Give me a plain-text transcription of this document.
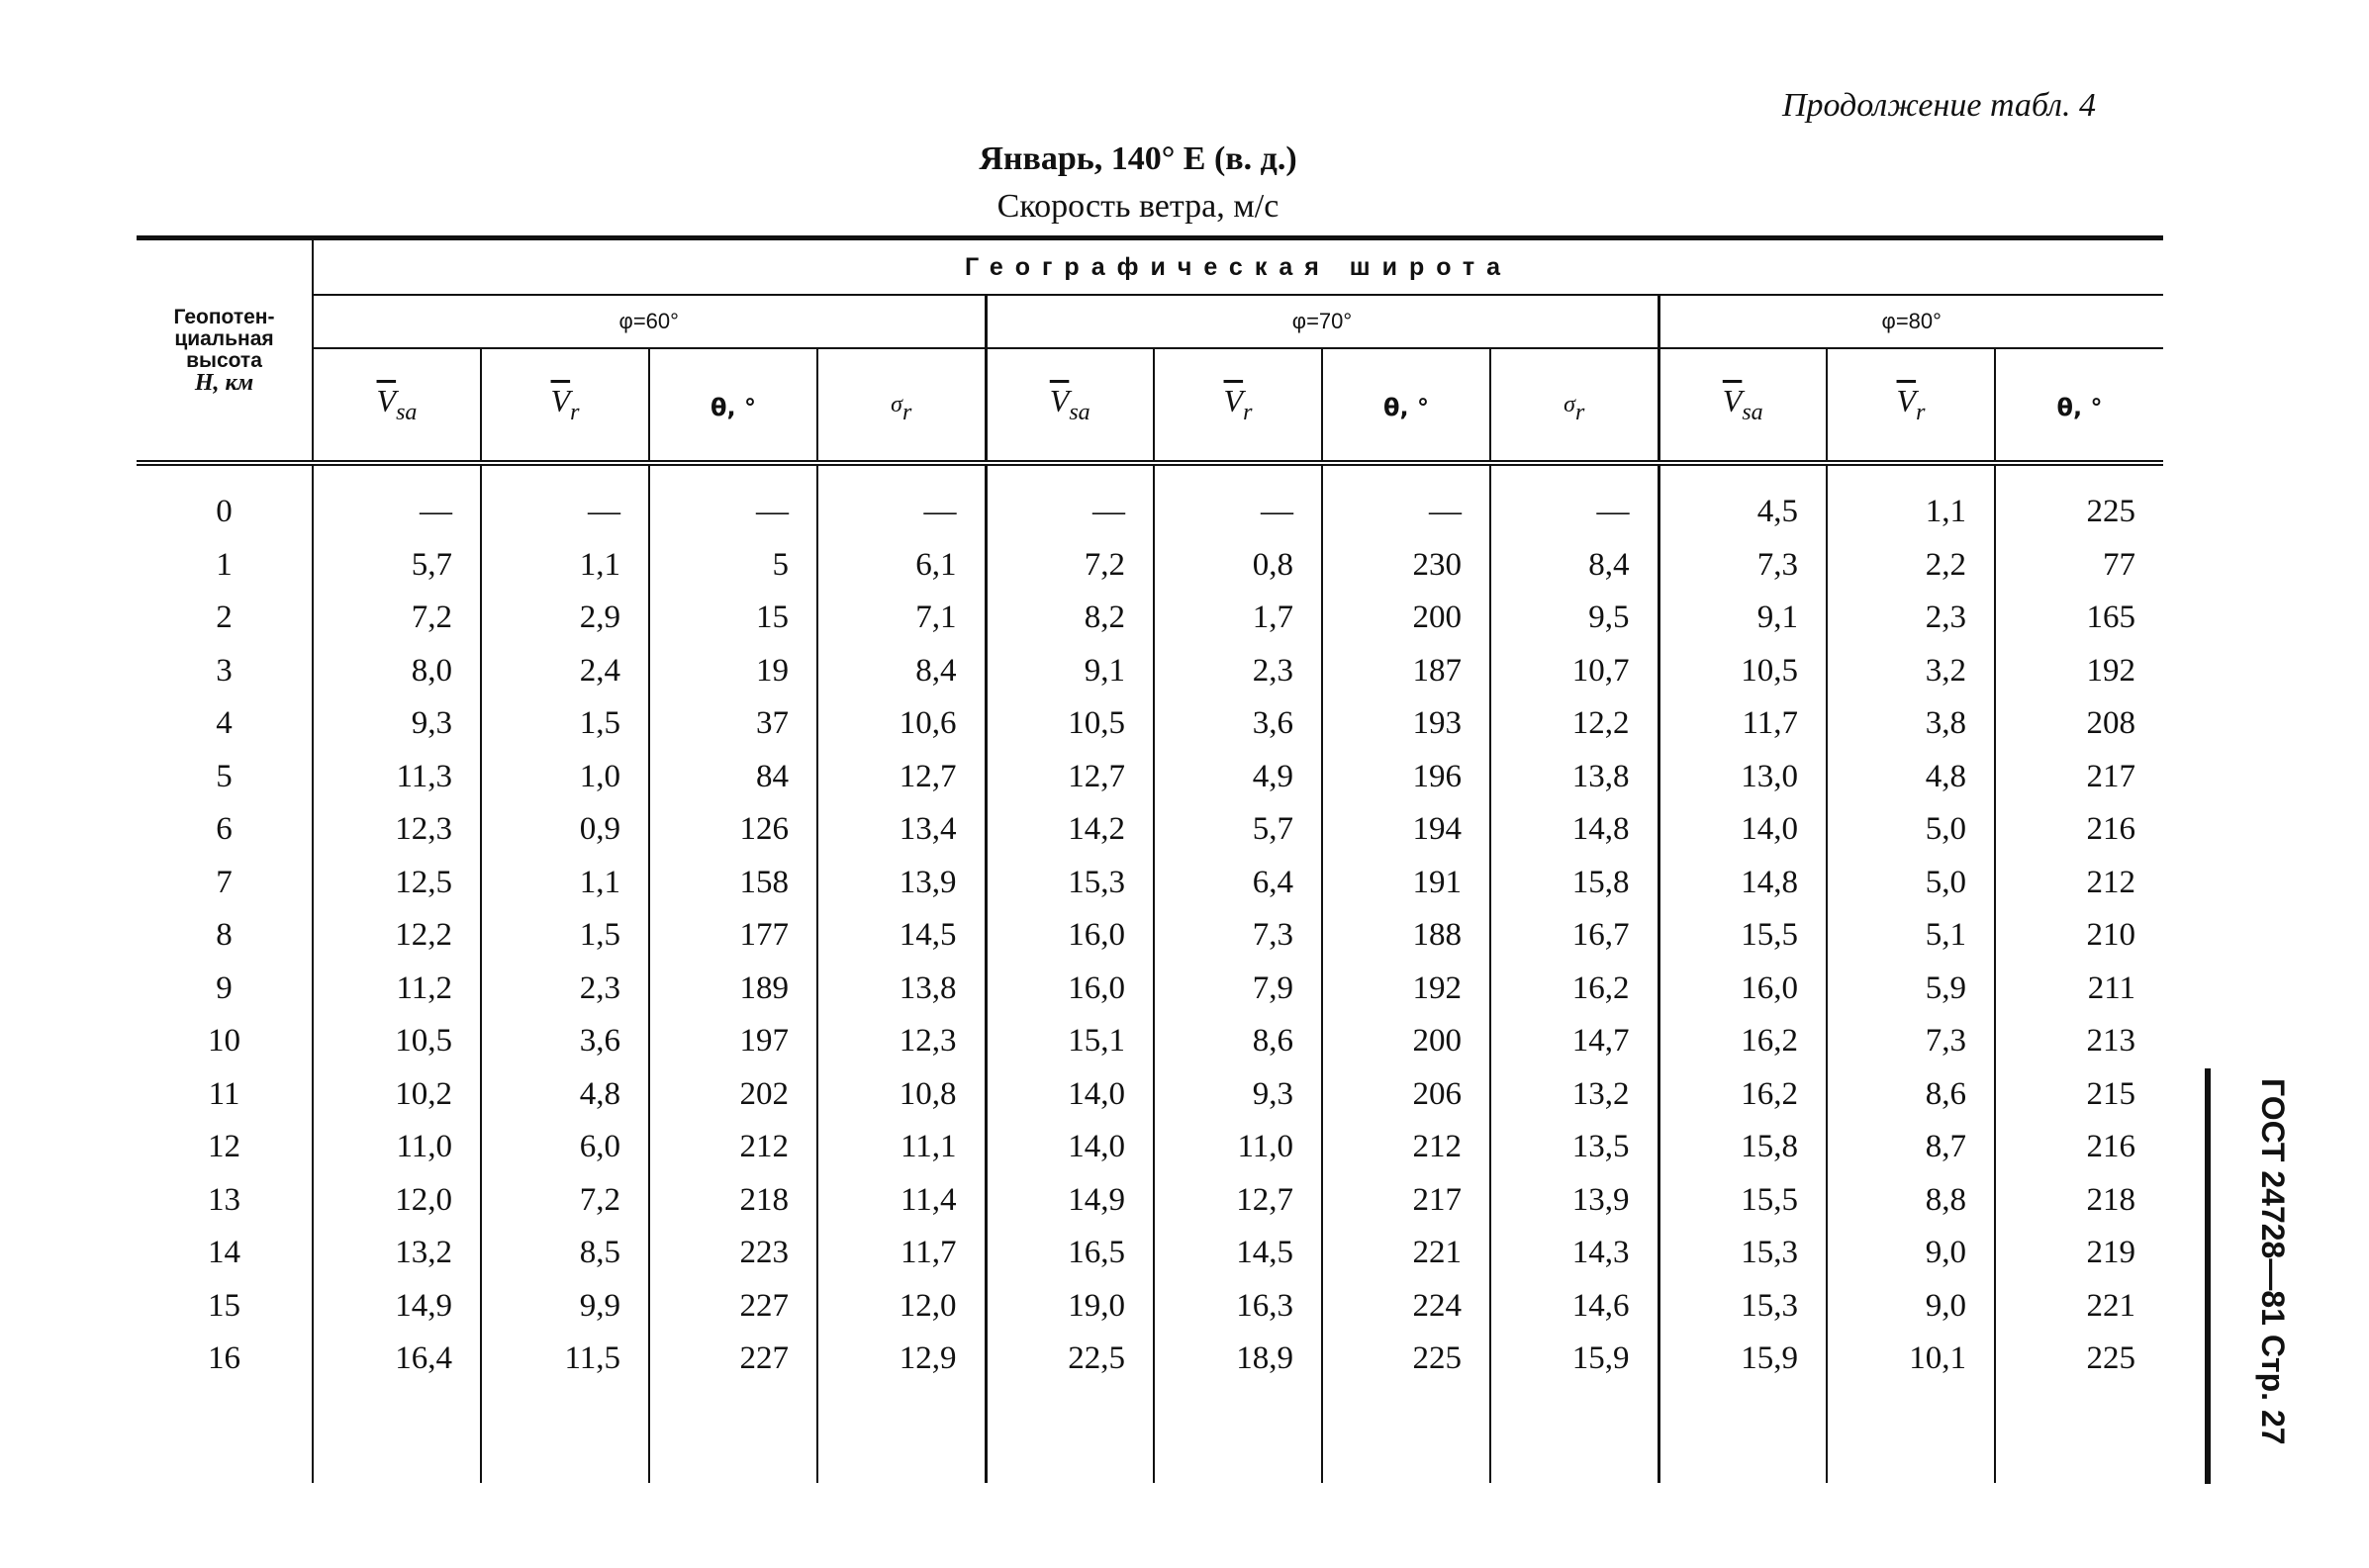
Продолжение табл. 4
Январь, 140° Е (в. д.)
Скорость ветра, м/с
Геопотен-
циальная
высота
H, км	Географическая широта										
	φ=60°				φ=70°				φ=80°		
	$\overline{V}_{sa}$	$\overline{V}_r$	θ, °	$\sigma_r$	$\overline{V}_{sa}$	$\overline{V}_r$	θ, °	$\sigma_r$	$\overline{V}_{sa}$	$\overline{V}_r$	θ, °

0	—	—	—	—	—	—	—	—	4,5	1,1	225
1	5,7	1,1	5	6,1	7,2	0,8	230	8,4	7,3	2,2	77
2	7,2	2,9	15	7,1	8,2	1,7	200	9,5	9,1	2,3	165
3	8,0	2,4	19	8,4	9,1	2,3	187	10,7	10,5	3,2	192
4	9,3	1,5	37	10,6	10,5	3,6	193	12,2	11,7	3,8	208
5	11,3	1,0	84	12,7	12,7	4,9	196	13,8	13,0	4,8	217
6	12,3	0,9	126	13,4	14,2	5,7	194	14,8	14,0	5,0	216
7	12,5	1,1	158	13,9	15,3	6,4	191	15,8	14,8	5,0	212
8	12,2	1,5	177	14,5	16,0	7,3	188	16,7	15,5	5,1	210
9	11,2	2,3	189	13,8	16,0	7,9	192	16,2	16,0	5,9	211
10	10,5	3,6	197	12,3	15,1	8,6	200	14,7	16,2	7,3	213
11	10,2	4,8	202	10,8	14,0	9,3	206	13,2	16,2	8,6	215
12	11,0	6,0	212	11,1	14,0	11,0	212	13,5	15,8	8,7	216
13	12,0	7,2	218	11,4	14,9	12,7	217	13,9	15,5	8,8	218
14	13,2	8,5	223	11,7	16,5	14,5	221	14,3	15,3	9,0	219
15	14,9	9,9	227	12,0	19,0	16,3	224	14,6	15,3	9,0	221
16	16,4	11,5	227	12,9	22,5	18,9	225	15,9	15,9	10,1	225
												ГОСТ 24728—81 Стр. 27
